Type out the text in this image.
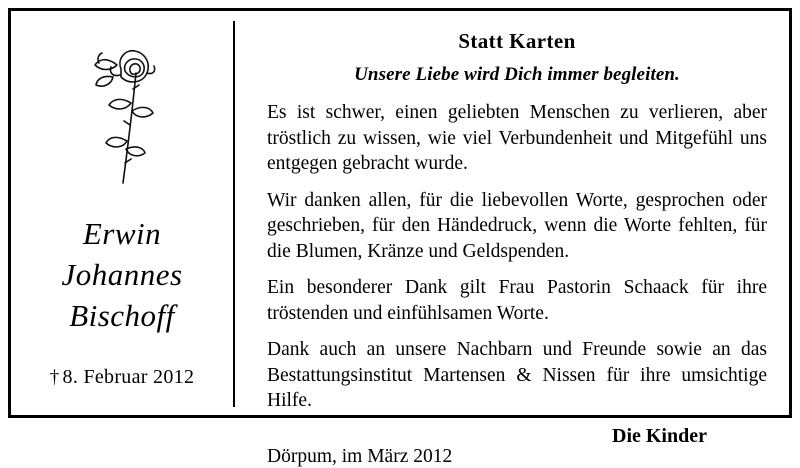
Erwin
Johannes
Bischoff
† 8. Februar 2012

Statt Karten

Unsere Liebe wird Dich immer begleiten.

Es ist schwer, einen geliebten Menschen zu verlieren, aber tröstlich zu wissen, wie viel Verbundenheit und Mitgefühl uns entgegen gebracht wurde.

Wir danken allen, für die liebevollen Worte, gesprochen oder geschrieben, für den Händedruck, wenn die Worte fehlten, für die Blumen, Kränze und Geldspenden.

Ein besonderer Dank gilt Frau Pastorin Schaack für ihre tröstenden und einfühlsamen Worte.

Dank auch an unsere Nachbarn und Freunde sowie an das Bestattungsinstitut Martensen & Nissen für ihre umsichtige Hilfe.

Die Kinder

Dörpum, im März 2012
